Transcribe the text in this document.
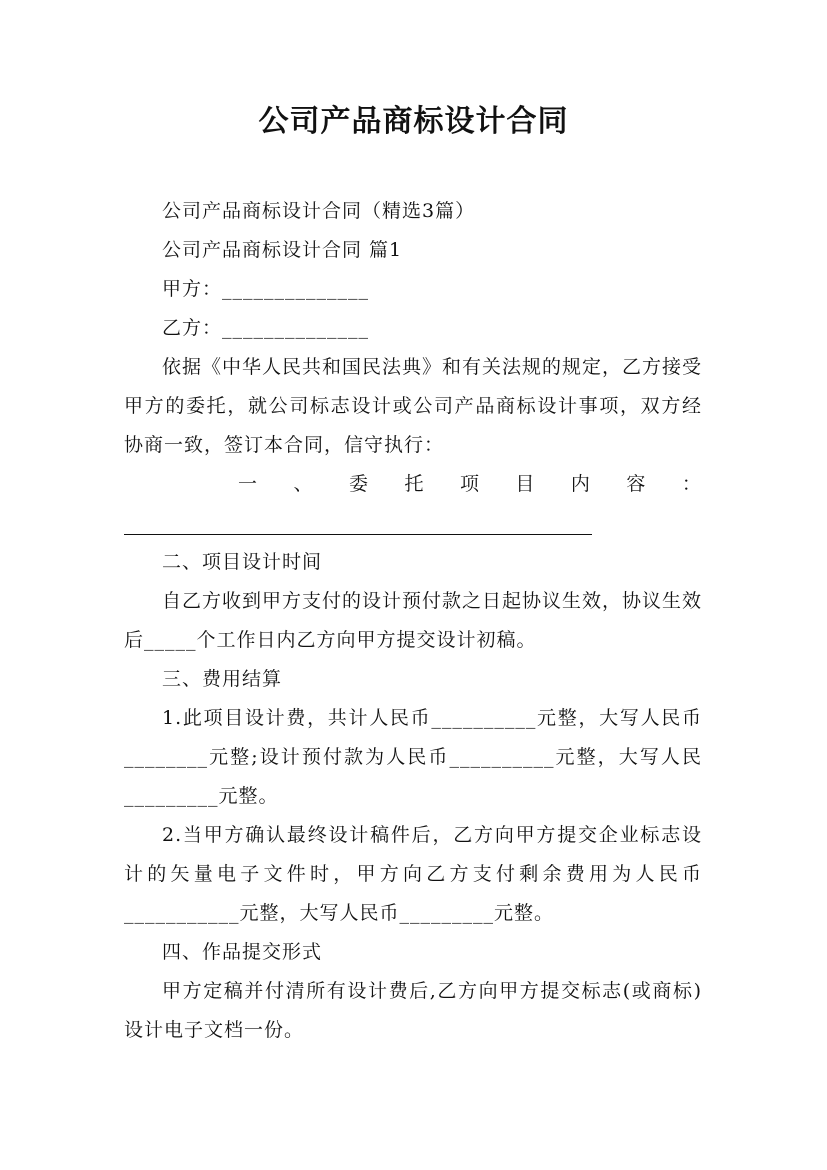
公司产品商标设计合同

公司产品商标设计合同（精选3篇）

公司产品商标设计合同 篇1

甲方：______________

乙方：______________

依据《中华人民共和国民法典》和有关法规的规定，乙方接受甲方的委托，就公司标志设计或公司产品商标设计事项，双方经协商一致，签订本合同，信守执行：

一 、 委 托 项 目 内 容 ：

二、项目设计时间

自乙方收到甲方支付的设计预付款之日起协议生效，协议生效后_____个工作日内乙方向甲方提交设计初稿。

三、费用结算

1.此项目设计费，共计人民币__________元整，大写人民币________元整;设计预付款为人民币__________元整，大写人民_________元整。

2.当甲方确认最终设计稿件后，乙方向甲方提交企业标志设计的矢量电子文件时，甲方向乙方支付剩余费用为人民币___________元整，大写人民币_________元整。

四、作品提交形式

甲方定稿并付清所有设计费后,乙方向甲方提交标志(或商标)设计电子文档一份。
